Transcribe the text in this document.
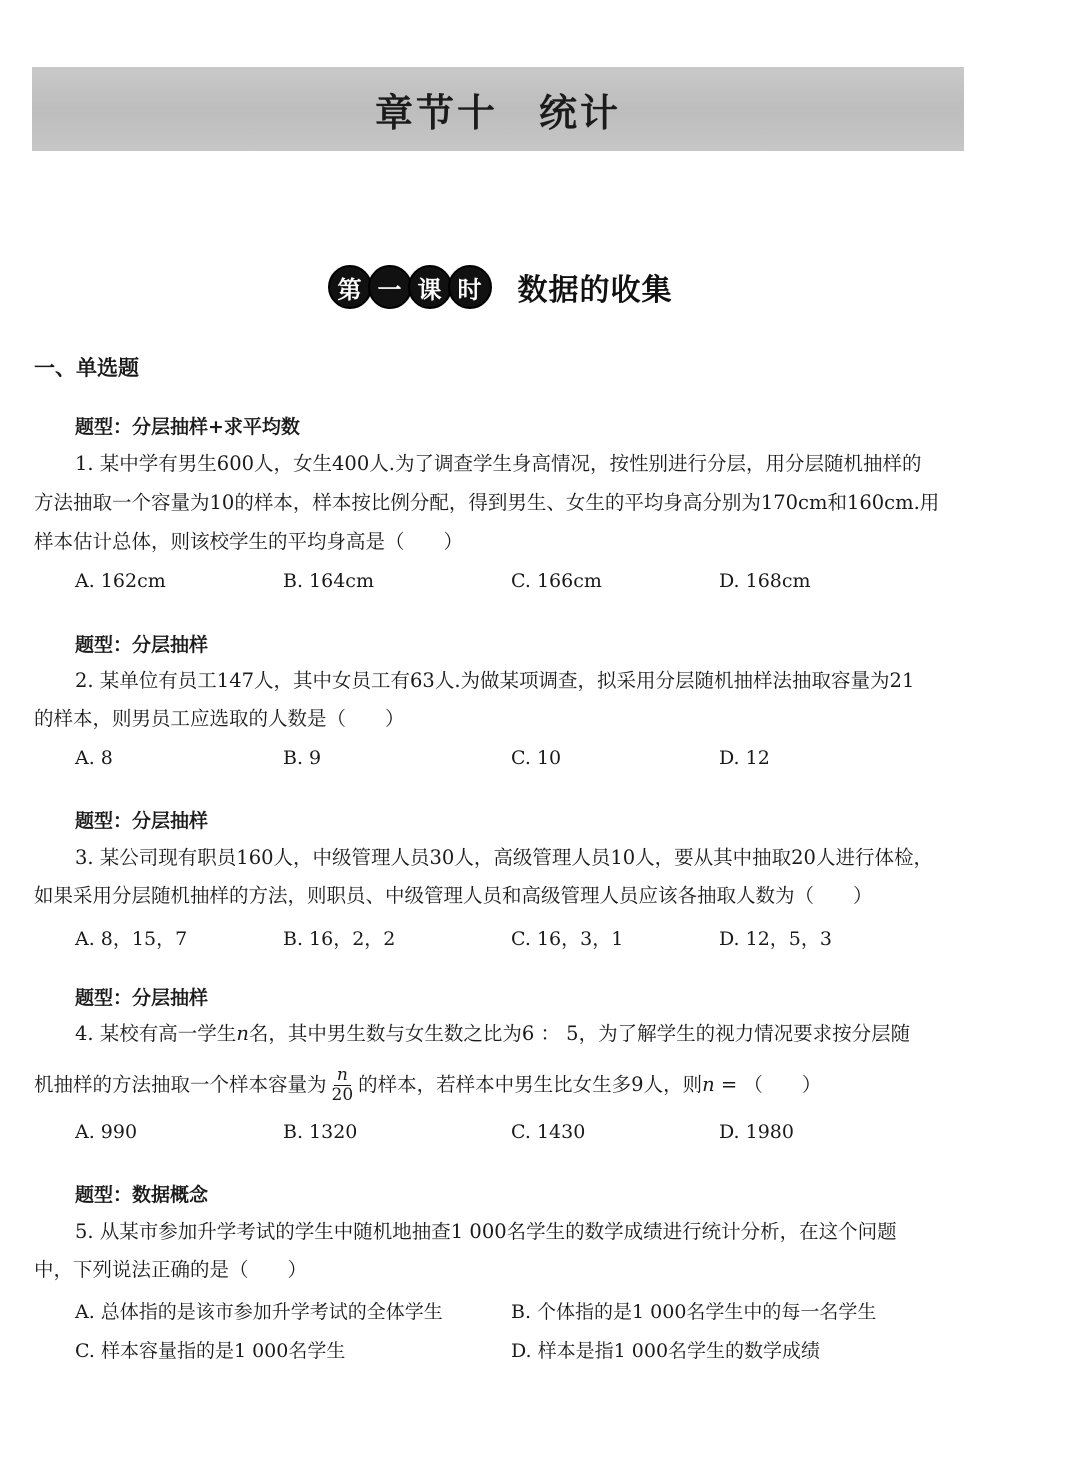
章节十　统计
第 一 课 时	数据的收集
一、单选题
题型：分层抽样+求平均数
1. 某中学有男生600人，女生400人.为了调查学生身高情况，按性别进行分层，用分层随机抽样的
方法抽取一个容量为10的样本，样本按比例分配，得到男生、女生的平均身高分别为170cm和160cm.用
样本估计总体，则该校学生的平均身高是（　　）
A. 162cm	B. 164cm	C. 166cm	D. 168cm
题型：分层抽样
2. 某单位有员工147人，其中女员工有63人.为做某项调查，拟采用分层随机抽样法抽取容量为21
的样本，则男员工应选取的人数是（　　）
A. 8	B. 9	C. 10	D. 12
题型：分层抽样
3. 某公司现有职员160人，中级管理人员30人，高级管理人员10人，要从其中抽取20人进行体检，
如果采用分层随机抽样的方法，则职员、中级管理人员和高级管理人员应该各抽取人数为（　　）
A. 8，15，7	B. 16，2，2	C. 16，3，1	D. 12，5，3
题型：分层抽样
4. 某校有高一学生n名，其中男生数与女生数之比为6 ： 5，为了解学生的视力情况要求按分层随
机抽样的方法抽取一个样本容量为 $\frac{n}{20}$ 的样本，若样本中男生比女生多9人，则n = （　　）
A. 990	B. 1320	C. 1430	D. 1980
题型：数据概念
5. 从某市参加升学考试的学生中随机地抽查1 000名学生的数学成绩进行统计分析，在这个问题
中，下列说法正确的是（　　）
A. 总体指的是该市参加升学考试的全体学生	B. 个体指的是1 000名学生中的每一名学生
C. 样本容量指的是1 000名学生	D. 样本是指1 000名学生的数学成绩
